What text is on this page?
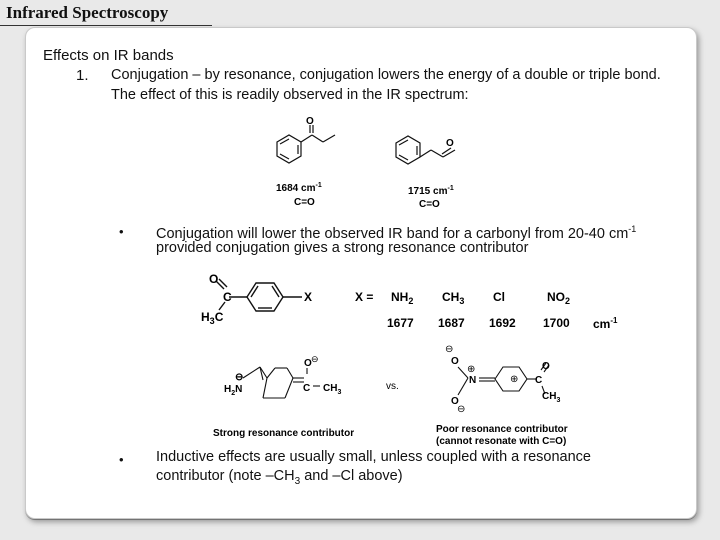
Infrared Spectroscopy
Effects on IR bands
1. Conjugation – by resonance, conjugation lowers the energy of a double or triple bond.
The effect of this is readily observed in the IR spectrum:
O
O
1684 $cm^{-1}$
C=O
1715 $cm^{-1}$
C=O
• Conjugation will lower the observed IR band for a carbonyl from 20-40 $cm^{-1}$
provided conjugation gives a strong resonance contributor
O
C
$H_3C$
X	$X = NH_2$
1677
$CH_3$
1687
Cl
1692
$NO_2$
1700 $cm^{-1}$
⊖
$H_2N$
O ⊖
C $CH_3$
Strong resonance contributor
vs.
⊖
O
⊕
N
O
⊖
⊕
O
C
$CH_3$
Poor resonance contributor
(cannot resonate with C=O)
• Inductive effects are usually small, unless coupled with a resonance
contributor (note $-CH_3$ and –Cl above)
